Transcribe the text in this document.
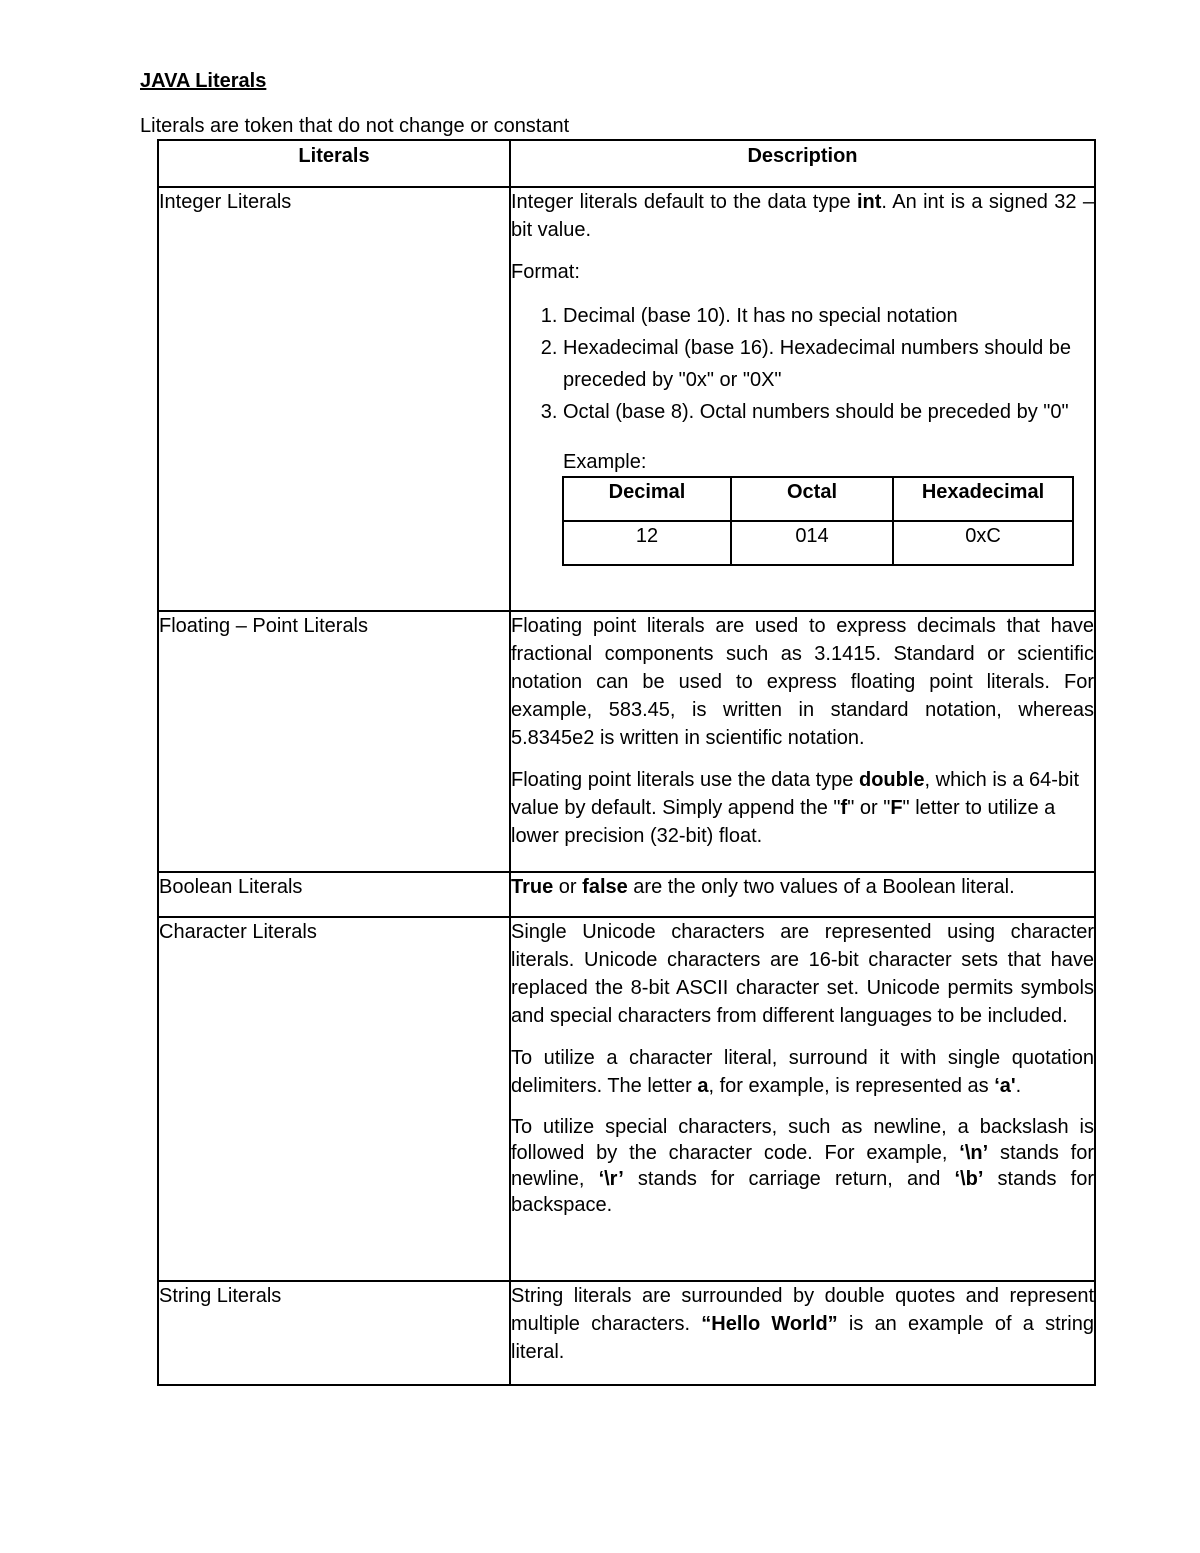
JAVA Literals
Literals are token that do not change or constant
Literals	Description
Integer Literals	Integer literals default to the data type int. An int is a signed 32 – bit value.

Format:

1. Decimal (base 10). It has no special notation
2. Hexadecimal (base 16). Hexadecimal numbers should be preceded by "0x" or "0X"
3. Octal (base 8). Octal numbers should be preceded by "0"
Example:
Decimal	Octal	Hexadecimal
12	014	0xC

Floating – Point Literals	Floating point literals are used to express decimals that have fractional components such as 3.1415. Standard or scientific notation can be used to express floating point literals. For example, 583.45, is written in standard notation, whereas 5.8345e2 is written in scientific notation.

Floating point literals use the data type double, which is a 64-bit value by default. Simply append the "f" or "F" letter to utilize a lower precision (32-bit) float.

Boolean Literals	True or false are the only two values of a Boolean literal.

Character Literals	Single Unicode characters are represented using character literals. Unicode characters are 16-bit character sets that have replaced the 8-bit ASCII character set. Unicode permits symbols and special characters from different languages to be included.

To utilize a character literal, surround it with single quotation delimiters. The letter a, for example, is represented as ‘a'.

To utilize special characters, such as newline, a backslash is followed by the character code. For example, ‘\n’ stands for newline, ‘\r’ stands for carriage return, and ‘\b’ stands for backspace.

String Literals	String literals are surrounded by double quotes and represent multiple characters. “Hello World” is an example of a string literal.
